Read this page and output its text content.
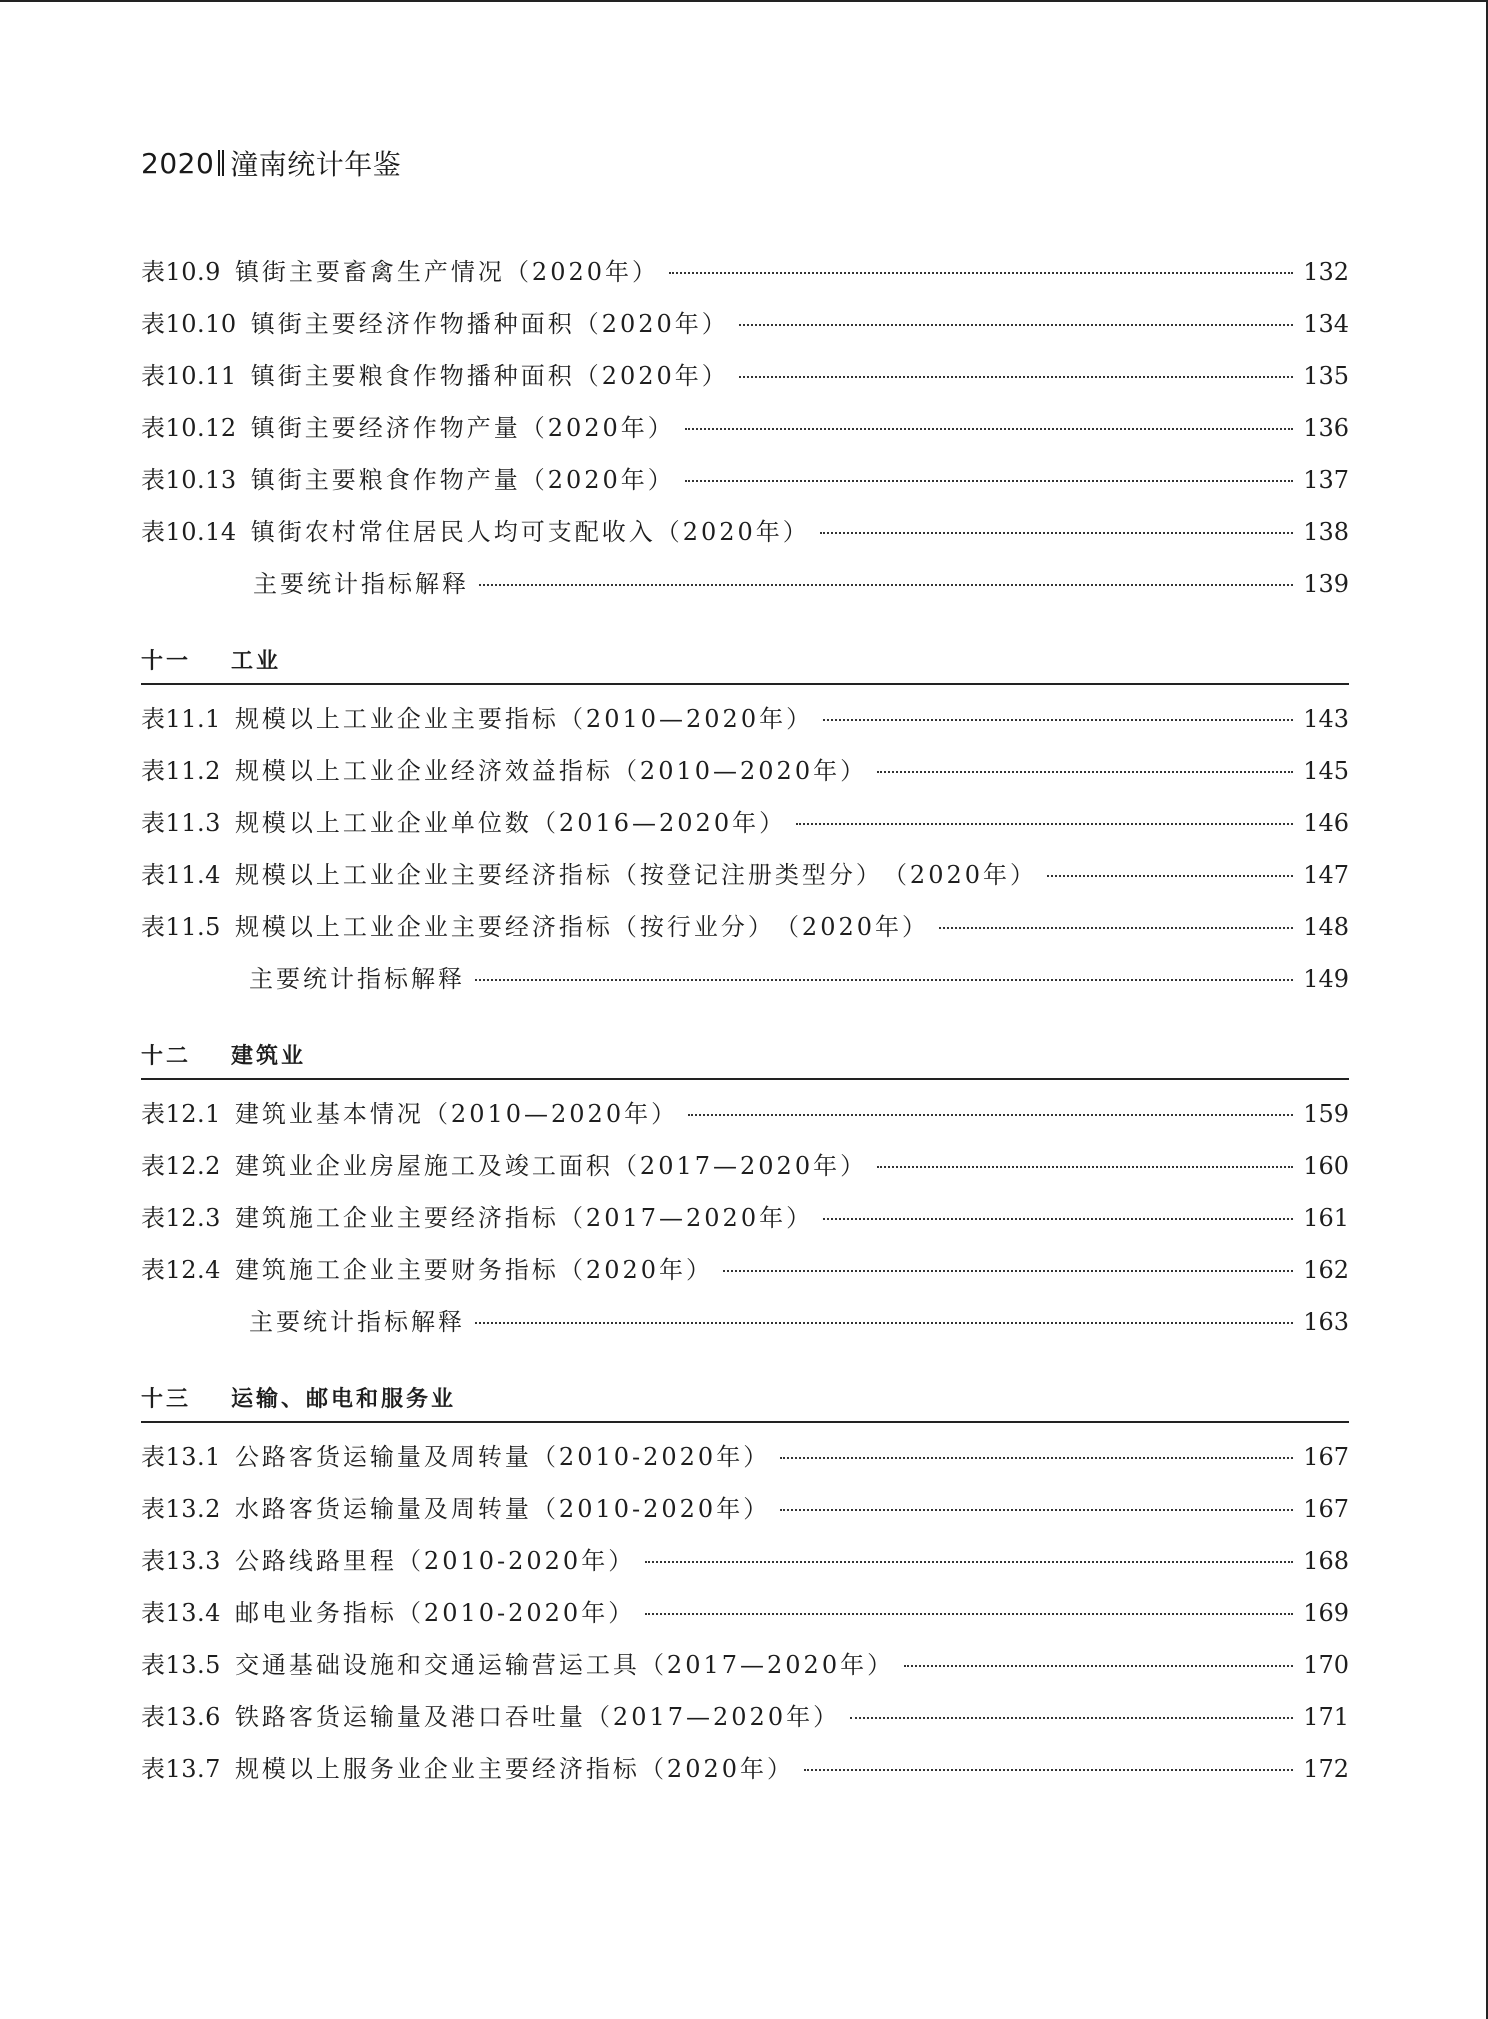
2020 潼南统计年鉴
表10.9 镇街主要畜禽生产情况 （2020年）	132
表10.10 镇街主要经济作物播种面积 （2020年）	134
表10.11 镇街主要粮食作物播种面积 （2020年）	135
表10.12 镇街主要经济作物产量 （2020年）	136
表10.13 镇街主要粮食作物产量 （2020年）	137
表10.14 镇街农村常住居民人均可支配收入 （2020年）	138
主要统计指标解释	139
十一	工业
表11.1 规模以上工业企业主要指标 （2010—2020年）	143
表11.2 规模以上工业企业经济效益指标 （2010—2020年）	145
表11.3 规模以上工业企业单位数 （2016—2020年）	146
表11.4 规模以上工业企业主要经济指标（按登记注册类型分） （2020年）	147
表11.5 规模以上工业企业主要经济指标（按行业分） （2020年）	148
主要统计指标解释	149
十二	建筑业
表12.1 建筑业基本情况 （2010—2020年）	159
表12.2 建筑业企业房屋施工及竣工面积 （2017—2020年）	160
表12.3 建筑施工企业主要经济指标 （2017—2020年）	161
表12.4 建筑施工企业主要财务指标 （2020年）	162
主要统计指标解释	163
十三	运输、邮电和服务业
表13.1 公路客货运输量及周转量 （2010-2020年）	167
表13.2 水路客货运输量及周转量 （2010-2020年）	167
表13.3 公路线路里程 （2010-2020年）	168
表13.4 邮电业务指标 （2010-2020年）	169
表13.5 交通基础设施和交通运输营运工具 （2017—2020年）	170
表13.6 铁路客货运输量及港口吞吐量 （2017—2020年）	171
表13.7 规模以上服务业企业主要经济指标 （2020年）	172
